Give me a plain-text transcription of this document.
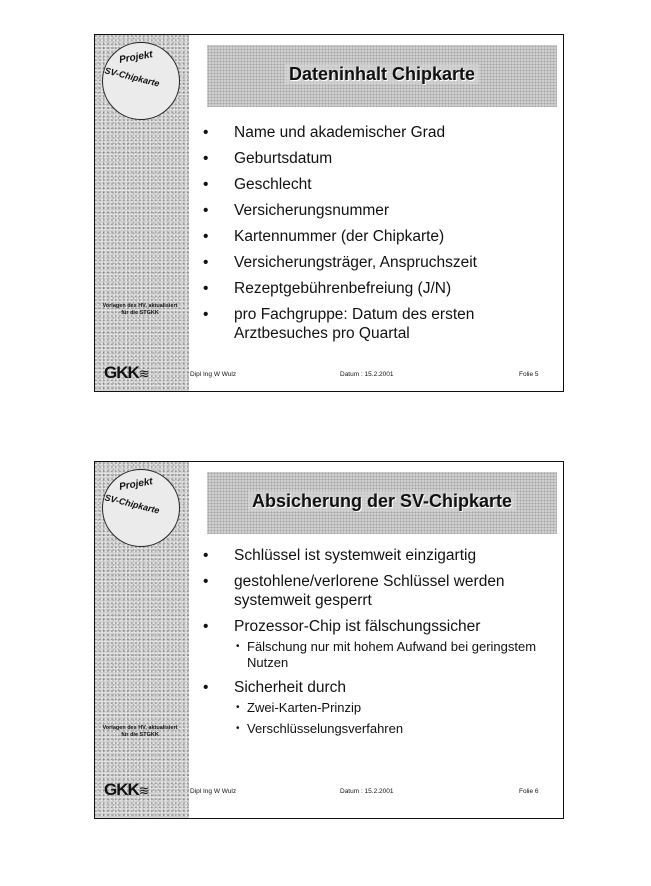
Projekt
SV-Chipkarte
Vorlagen des HV, aktualisiert für die STGKK
GKK≋
Dateninhalt Chipkarte
• Name und akademischer Grad
• Geburtsdatum
• Geschlecht
• Versicherungsnummer
• Kartennummer (der Chipkarte)
• Versicherungsträger, Anspruchszeit
• Rezeptgebührenbefreiung (J/N)
• pro Fachgruppe: Datum des ersten Arztbesuches pro Quartal
Dipl Ing W Wulz	Datum : 15.2.2001	Folie 5
Projekt
SV-Chipkarte
Vorlagen des HV, aktualisiert für die STGKK
GKK≋
Absicherung der SV-Chipkarte
• Schlüssel ist systemweit einzigartig
• gestohlene/verlorene Schlüssel werden systemweit gesperrt
• Prozessor-Chip ist fälschungssicher
• Fälschung nur mit hohem Aufwand bei geringstem Nutzen
• Sicherheit durch
• Zwei-Karten-Prinzip
• Verschlüsselungsverfahren
Dipl Ing W Wulz	Datum : 15.2.2001	Folie 6
